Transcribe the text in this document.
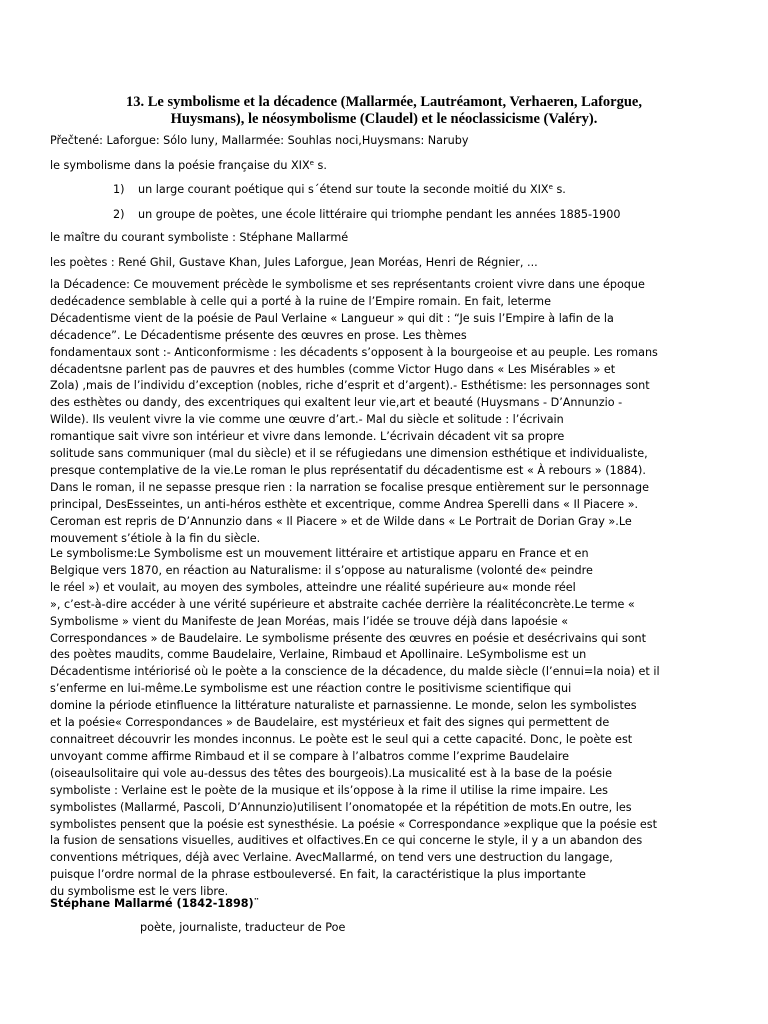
13. Le symbolisme et la décadence (Mallarmée, Lautréamont, Verhaeren, Laforgue,
Huysmans), le néosymbolisme (Claudel) et le néoclassicisme (Valéry).
Přečtené: Laforgue: Sólo luny, Mallarmée: Souhlas noci,Huysmans: Naruby
le symbolisme dans la poésie française du XIXe s.
1) un large courant poétique qui s´étend sur toute la seconde moitié du XIXe s.
2) un groupe de poètes, une école littéraire qui triomphe pendant les années 1885-1900
le maître du courant symboliste : Stéphane Mallarmé
les poètes : René Ghil, Gustave Khan, Jules Laforgue, Jean Moréas, Henri de Régnier, ...
la Décadence: Ce mouvement précède le symbolisme et ses représentants croient vivre dans une époque
dedécadence semblable à celle qui a porté à la ruine de l’Empire romain. En fait, leterme
Décadentisme vient de la poésie de Paul Verlaine « Langueur » qui dit : “Je suis l’Empire à lafin de la
décadence”. Le Décadentisme présente des œuvres en prose. Les thèmes
fondamentaux sont :- Anticonformisme : les décadents s’opposent à la bourgeoise et au peuple. Les romans
décadentsne parlent pas de pauvres et des humbles (comme Victor Hugo dans « Les Misérables » et
Zola) ,mais de l’individu d’exception (nobles, riche d’esprit et d’argent).- Esthétisme: les personnages sont
des esthètes ou dandy, des excentriques qui exaltent leur vie,art et beauté (Huysmans - D’Annunzio -
Wilde). Ils veulent vivre la vie comme une œuvre d’art.- Mal du siècle et solitude : l’écrivain
romantique sait vivre son intérieur et vivre dans lemonde. L’écrivain décadent vit sa propre
solitude sans communiquer (mal du siècle) et il se réfugiedans une dimension esthétique et individualiste,
presque contemplative de la vie.Le roman le plus représentatif du décadentisme est « À rebours » (1884).
Dans le roman, il ne sepasse presque rien : la narration se focalise presque entièrement sur le personnage
principal, DesEsseintes, un anti-héros esthète et excentrique, comme Andrea Sperelli dans « Il Piacere ».
Ceroman est repris de D’Annunzio dans « Il Piacere » et de Wilde dans « Le Portrait de Dorian Gray ».Le
mouvement s’étiole à la fin du siècle.
Le symbolisme:Le Symbolisme est un mouvement littéraire et artistique apparu en France et en
Belgique vers 1870, en réaction au Naturalisme: il s’oppose au naturalisme (volonté de« peindre
le réel ») et voulait, au moyen des symboles, atteindre une réalité supérieure au« monde réel
», c’est-à-dire accéder à une vérité supérieure et abstraite cachée derrière la réalitéconcrète.Le terme «
Symbolisme » vient du Manifeste de Jean Moréas, mais l’idée se trouve déjà dans lapoésie «
Correspondances » de Baudelaire. Le symbolisme présente des œuvres en poésie et desécrivains qui sont
des poètes maudits, comme Baudelaire, Verlaine, Rimbaud et Apollinaire. LeSymbolisme est un
Décadentisme intériorisé où le poète a la conscience de la décadence, du malde siècle (l’ennui=la noia) et il
s’enferme en lui-même.Le symbolisme est une réaction contre le positivisme scientifique qui
domine la période etinfluence la littérature naturaliste et parnassienne. Le monde, selon les symbolistes
et la poésie« Correspondances » de Baudelaire, est mystérieux et fait des signes qui permettent de
connaitreet découvrir les mondes inconnus. Le poète est le seul qui a cette capacité. Donc, le poète est
unvoyant comme affirme Rimbaud et il se compare à l’albatros comme l’exprime Baudelaire
(oiseaulsolitaire qui vole au-dessus des têtes des bourgeois).La musicalité est à la base de la poésie
symboliste : Verlaine est le poète de la musique et ils’oppose à la rime il utilise la rime impaire. Les
symbolistes (Mallarmé, Pascoli, D’Annunzio)utilisent l’onomatopée et la répétition de mots.En outre, les
symbolistes pensent que la poésie est synesthésie. La poésie « Correspondance »explique que la poésie est
la fusion de sensations visuelles, auditives et olfactives.En ce qui concerne le style, il y a un abandon des
conventions métriques, déjà avec Verlaine. AvecMallarmé, on tend vers une destruction du langage,
puisque l’ordre normal de la phrase estbouleversé. En fait, la caractéristique la plus importante
du symbolisme est le vers libre.
Stéphane Mallarmé (1842-1898)¨
poète, journaliste, traducteur de Poe
